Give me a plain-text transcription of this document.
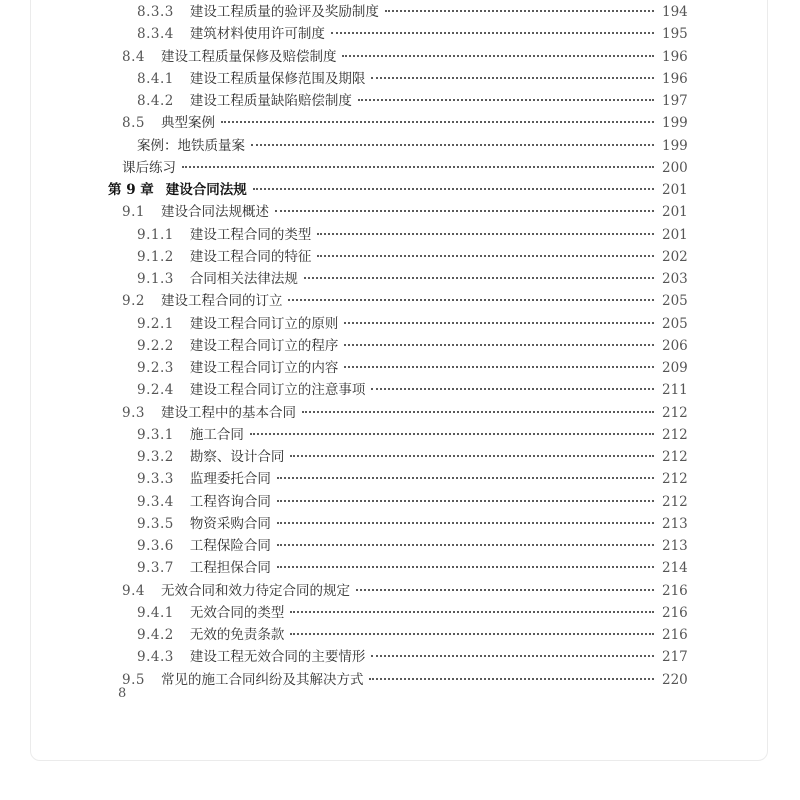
8.3.3 建设工程质量的验评及奖励制度	194
8.3.4 建筑材料使用许可制度	195
8.4 建设工程质量保修及赔偿制度	196
8.4.1 建设工程质量保修范围及期限	196
8.4.2 建设工程质量缺陷赔偿制度	197
8.5 典型案例	199
案例：地铁质量案	199
课后练习	200
第 9 章 建设合同法规	201
9.1 建设合同法规概述	201
9.1.1 建设工程合同的类型	201
9.1.2 建设工程合同的特征	202
9.1.3 合同相关法律法规	203
9.2 建设工程合同的订立	205
9.2.1 建设工程合同订立的原则	205
9.2.2 建设工程合同订立的程序	206
9.2.3 建设工程合同订立的内容	209
9.2.4 建设工程合同订立的注意事项	211
9.3 建设工程中的基本合同	212
9.3.1 施工合同	212
9.3.2 勘察、设计合同	212
9.3.3 监理委托合同	212
9.3.4 工程咨询合同	212
9.3.5 物资采购合同	213
9.3.6 工程保险合同	213
9.3.7 工程担保合同	214
9.4 无效合同和效力待定合同的规定	216
9.4.1 无效合同的类型	216
9.4.2 无效的免责条款	216
9.4.3 建设工程无效合同的主要情形	217
9.5 常见的施工合同纠纷及其解决方式	220
8
